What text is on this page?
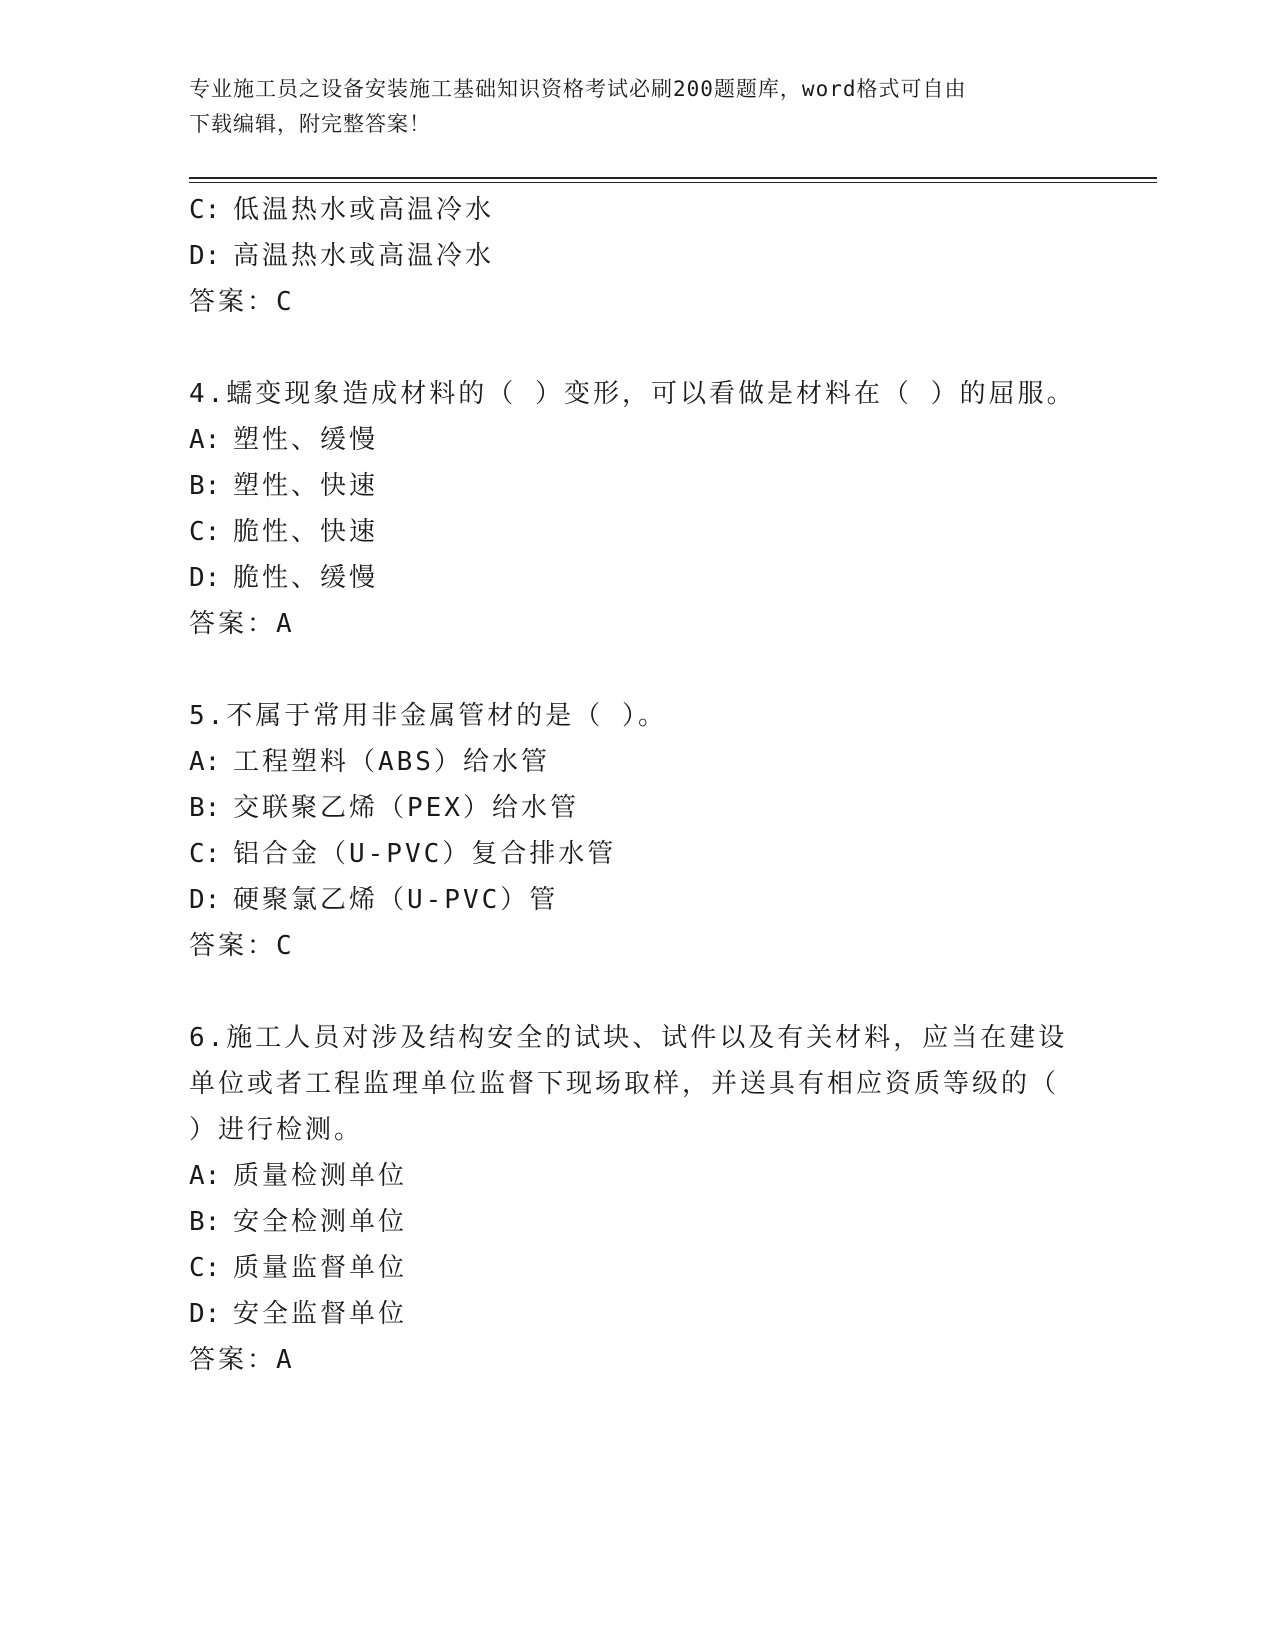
专业施工员之设备安装施工基础知识资格考试必刷200题题库，word格式可自由
下载编辑，附完整答案！
C: 低温热水或高温冷水
D: 高温热水或高温冷水
答案：C
4.蠕变现象造成材料的（ ）变形，可以看做是材料在（ ）的屈服。
A: 塑性、缓慢
B: 塑性、快速
C: 脆性、快速
D: 脆性、缓慢
答案：A
5.不属于常用非金属管材的是（ ）。
A: 工程塑料（ABS）给水管
B: 交联聚乙烯（PEX）给水管
C: 铝合金（U-PVC）复合排水管
D: 硬聚氯乙烯（U-PVC）管
答案：C
6.施工人员对涉及结构安全的试块、试件以及有关材料，应当在建设
单位或者工程监理单位监督下现场取样，并送具有相应资质等级的（
）进行检测。
A: 质量检测单位
B: 安全检测单位
C: 质量监督单位
D: 安全监督单位
答案：A
